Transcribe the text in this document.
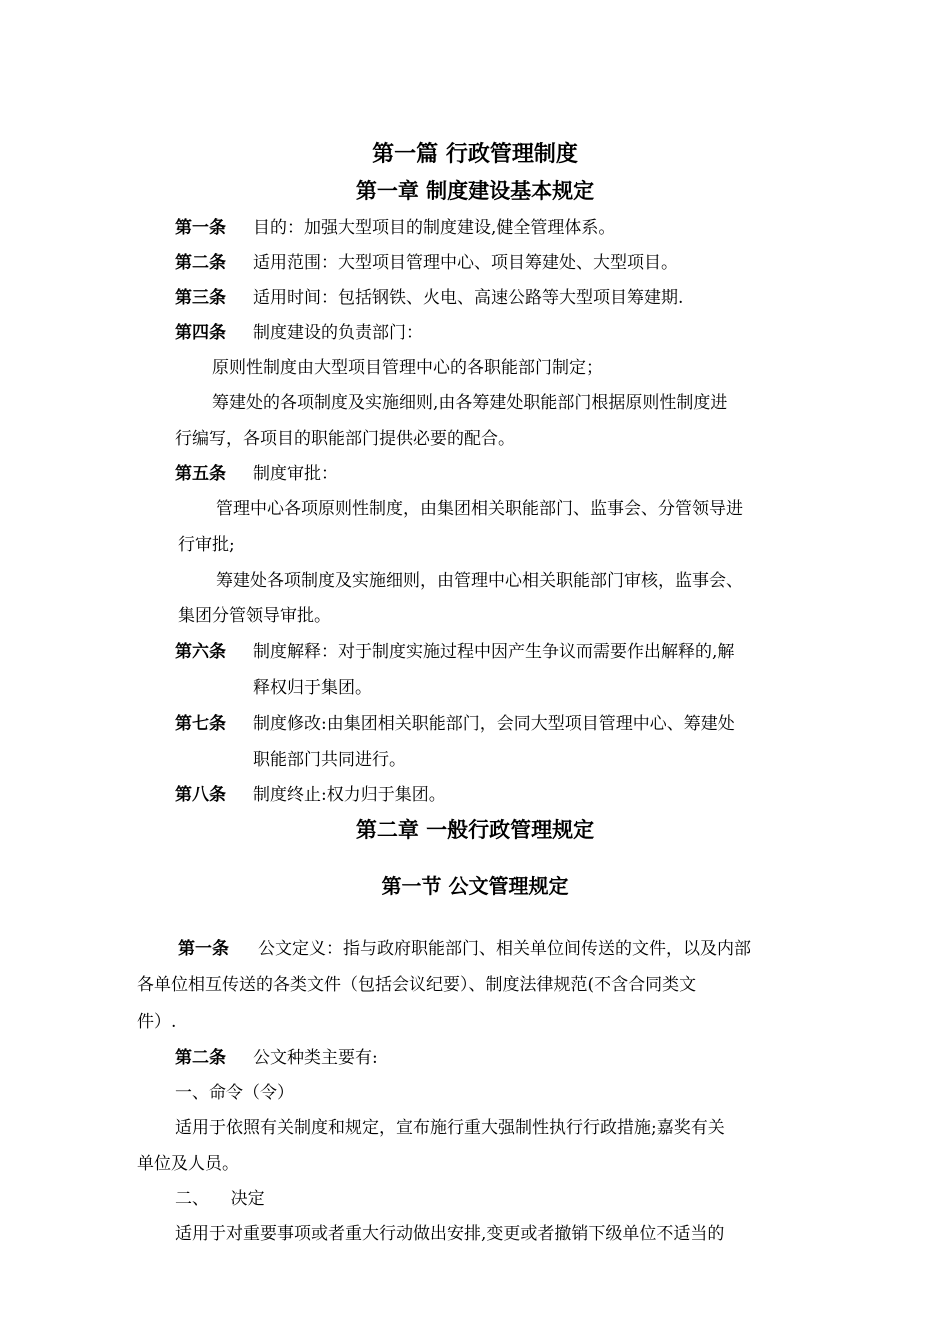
第一篇 行政管理制度
第一章 制度建设基本规定
第一条 目的：加强大型项目的制度建设,健全管理体系。
第二条 适用范围：大型项目管理中心、项目筹建处、大型项目。
第三条 适用时间：包括钢铁、火电、高速公路等大型项目筹建期.
第四条 制度建设的负责部门：
原则性制度由大型项目管理中心的各职能部门制定；
筹建处的各项制度及实施细则,由各筹建处职能部门根据原则性制度进
行编写，各项目的职能部门提供必要的配合。
第五条 制度审批：
管理中心各项原则性制度，由集团相关职能部门、监事会、分管领导进
行审批;
筹建处各项制度及实施细则，由管理中心相关职能部门审核，监事会、
集团分管领导审批。
第六条 制度解释：对于制度实施过程中因产生争议而需要作出解释的,解
释权归于集团。
第七条 制度修改:由集团相关职能部门，会同大型项目管理中心、筹建处
职能部门共同进行。
第八条 制度终止:权力归于集团。
第二章 一般行政管理规定
第一节 公文管理规定
第一条 公文定义：指与政府职能部门、相关单位间传送的文件，以及内部
各单位相互传送的各类文件（包括会议纪要）、制度法律规范(不含合同类文
件）.
第二条 公文种类主要有:
一、命令（令）
适用于依照有关制度和规定，宣布施行重大强制性执行行政措施;嘉奖有关
单位及人员。
二、    决定
适用于对重要事项或者重大行动做出安排,变更或者撤销下级单位不适当的
